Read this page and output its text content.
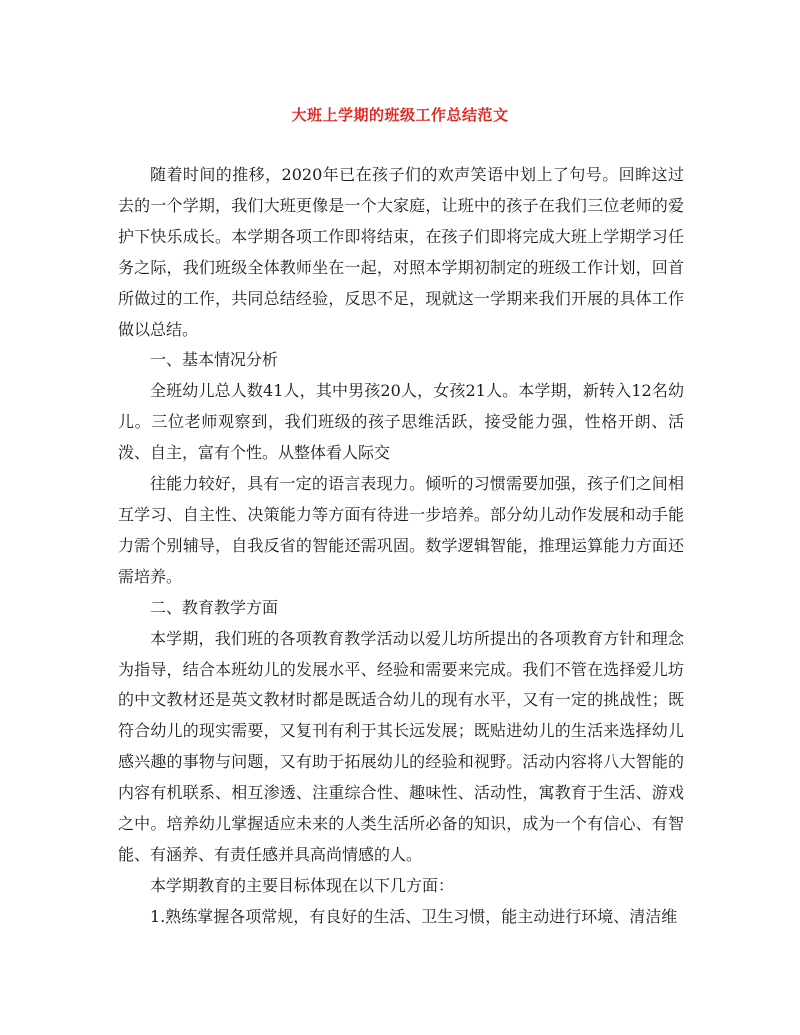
大班上学期的班级工作总结范文

随着时间的推移，2020年已在孩子们的欢声笑语中划上了句号。回眸这过去的一个学期，我们大班更像是一个大家庭，让班中的孩子在我们三位老师的爱护下快乐成长。本学期各项工作即将结束，在孩子们即将完成大班上学期学习任务之际，我们班级全体教师坐在一起，对照本学期初制定的班级工作计划，回首所做过的工作，共同总结经验，反思不足，现就这一学期来我们开展的具体工作做以总结。

一、基本情况分析

全班幼儿总人数41人，其中男孩20人，女孩21人。本学期，新转入12名幼儿。三位老师观察到，我们班级的孩子思维活跃，接受能力强，性格开朗、活泼、自主，富有个性。从整体看人际交

往能力较好，具有一定的语言表现力。倾听的习惯需要加强，孩子们之间相互学习、自主性、决策能力等方面有待进一步培养。部分幼儿动作发展和动手能力需个别辅导，自我反省的智能还需巩固。数学逻辑智能，推理运算能力方面还需培养。

二、教育教学方面

本学期，我们班的各项教育教学活动以爱儿坊所提出的各项教育方针和理念为指导，结合本班幼儿的发展水平、经验和需要来完成。我们不管在选择爱儿坊的中文教材还是英文教材时都是既适合幼儿的现有水平，又有一定的挑战性；既符合幼儿的现实需要，又复刊有利于其长远发展；既贴进幼儿的生活来选择幼儿感兴趣的事物与问题，又有助于拓展幼儿的经验和视野。活动内容将八大智能的内容有机联系、相互渗透、注重综合性、趣味性、活动性，寓教育于生活、游戏之中。培养幼儿掌握适应未来的人类生活所必备的知识，成为一个有信心、有智能、有涵养、有责任感并具高尚情感的人。

本学期教育的主要目标体现在以下几方面：

1.熟练掌握各项常规，有良好的生活、卫生习惯，能主动进行环境、清洁维
